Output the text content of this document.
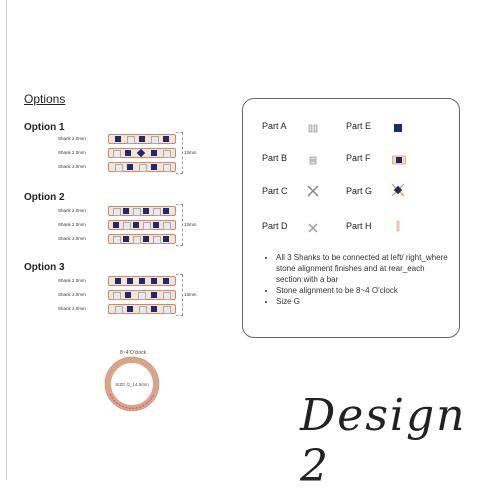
Options
Option 1
Shank 2.0mm
Shank 2.0mm
Shank 2.0mm
13mm
Option 2
Shank 2.0mm
Shank 2.0mm
Shank 2.0mm
13mm
Option 3
Shank 2.0mm
Shank 2.0mm
Shank 2.0mm
13mm
8~4 O'clock
SIZE G_14.5mm
Part A	Part E
Part B	Part F
Part C	Part G
Part D	Part H
• All 3 Shanks to be connected at left/ right_where stone alignment finishes and at rear_each section with a bar
• Stone alignment to be 8~4 O'clock
• Size G
Design 2
